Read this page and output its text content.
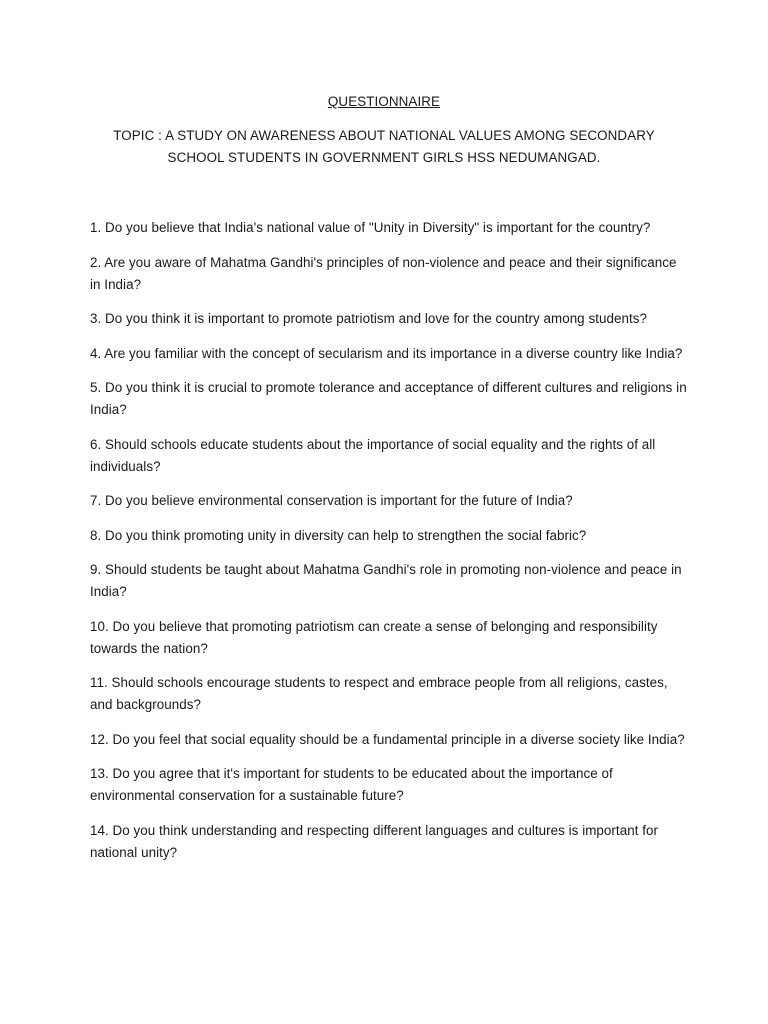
QUESTIONNAIRE
TOPIC : A STUDY ON AWARENESS ABOUT NATIONAL VALUES AMONG SECONDARY SCHOOL STUDENTS IN GOVERNMENT GIRLS HSS NEDUMANGAD.
1. Do you believe that India's national value of "Unity in Diversity" is important for the country?
2. Are you aware of Mahatma Gandhi's principles of non-violence and peace and their significance in India?
3. Do you think it is important to promote patriotism and love for the country among students?
4. Are you familiar with the concept of secularism and its importance in a diverse country like India?
5. Do you think it is crucial to promote tolerance and acceptance of different cultures and religions in India?
6. Should schools educate students about the importance of social equality and the rights of all individuals?
7. Do you believe environmental conservation is important for the future of India?
8. Do you think promoting unity in diversity can help to strengthen the social fabric?
9. Should students be taught about Mahatma Gandhi's role in promoting non-violence and peace in India?
10. Do you believe that promoting patriotism can create a sense of belonging and responsibility towards the nation?
11. Should schools encourage students to respect and embrace people from all religions, castes, and backgrounds?
12. Do you feel that social equality should be a fundamental principle in a diverse society like India?
13. Do you agree that it's important for students to be educated about the importance of environmental conservation for a sustainable future?
14. Do you think understanding and respecting different languages and cultures is important for national unity?
